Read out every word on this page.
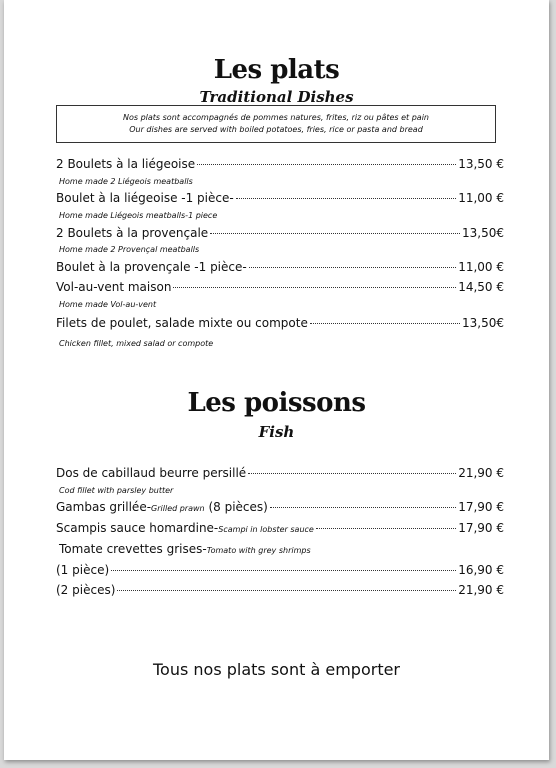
Les plats
Traditional Dishes
Nos plats sont accompagnés de pommes natures, frites, riz ou pâtes et pain
Our dishes are served with boiled potatoes, fries, rice or pasta and bread
2 Boulets à la liégeoise	13,50 €
Home made 2 Liégeois meatballs
Boulet à la liégeoise -1 pièce-	11,00 €
Home made Liégeois meatballs-1 piece
2 Boulets à la provençale	13,50€
Home made 2 Provençal meatballs
Boulet à la provençale -1 pièce-	11,00 €
Vol-au-vent maison	14,50 €
Home made Vol-au-vent
Filets de poulet, salade mixte ou compote	13,50€
Chicken fillet, mixed salad or compote
Les poissons
Fish
Dos de cabillaud beurre persillé	21,90 €
Cod fillet with parsley butter
Gambas grillée-Grilled prawn (8 pièces)	17,90 €
Scampis sauce homardine-Scampi in lobster sauce	17,90 €
Tomate crevettes grises-Tomato with grey shrimps
(1 pièce)	16,90 €
(2 pièces)	21,90 €
Tous nos plats sont à emporter
